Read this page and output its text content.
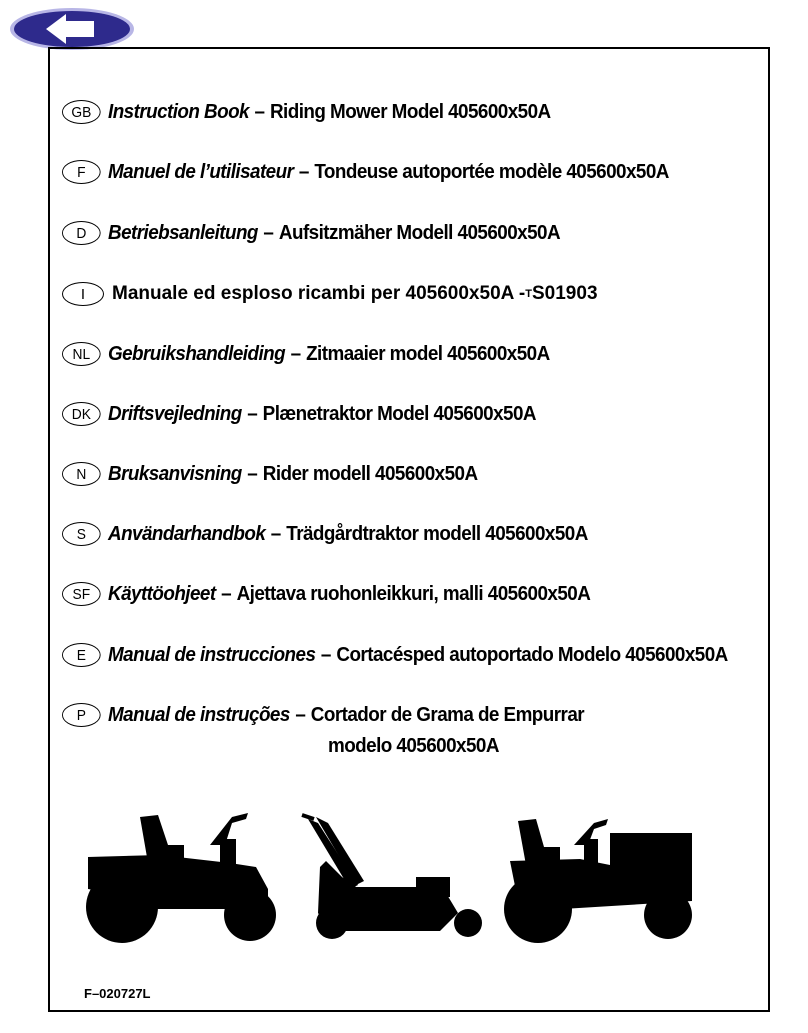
GB Instruction Book – Riding Mower Model 405600x50A
F	Manuel de l’utilisateur – Tondeuse autoportée modèle 405600x50A
D	Betriebsanleitung – Aufsitzmäher Modell 405600x50A
I	Manuale ed esploso ricambi per 405600x50A - T S01903
NL Gebruikshandleiding – Zitmaaier model 405600x50A
DK Driftsvejledning – Plænetraktor Model 405600x50A
N	Bruksanvisning – Rider modell 405600x50A
S	Användarhandbok – Trädgårdtraktor modell 405600x50A
SF Käyttöohjeet – Ajettava ruohonleikkuri, malli 405600x50A
E	Manual de instrucciones – Cortacésped autoportado Modelo 405600x50A
P	Manual de instruções – Cortador de Grama de Empurrar
modelo 405600x50A
F–020727L
